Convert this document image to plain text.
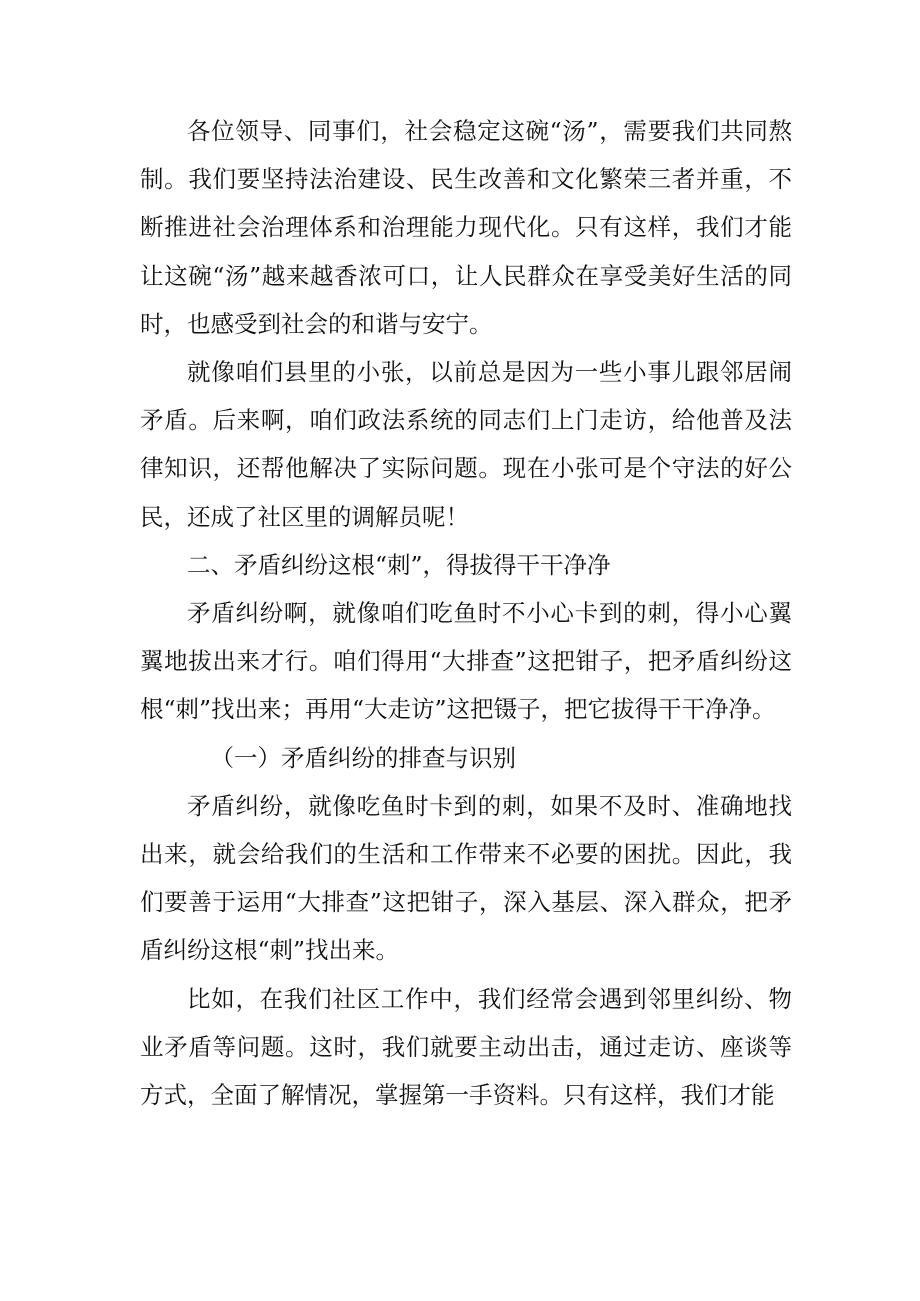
各位领导、同事们，社会稳定这碗“汤”，需要我们共同熬制。我们要坚持法治建设、民生改善和文化繁荣三者并重，不断推进社会治理体系和治理能力现代化。只有这样，我们才能让这碗“汤”越来越香浓可口，让人民群众在享受美好生活的同时，也感受到社会的和谐与安宁。

就像咱们县里的小张，以前总是因为一些小事儿跟邻居闹矛盾。后来啊，咱们政法系统的同志们上门走访，给他普及法律知识，还帮他解决了实际问题。现在小张可是个守法的好公民，还成了社区里的调解员呢！

二、矛盾纠纷这根“刺”，得拔得干干净净

矛盾纠纷啊，就像咱们吃鱼时不小心卡到的刺，得小心翼翼地拔出来才行。咱们得用“大排查”这把钳子，把矛盾纠纷这根“刺”找出来；再用“大走访”这把镊子，把它拔得干干净净。

（一）矛盾纠纷的排查与识别

矛盾纠纷，就像吃鱼时卡到的刺，如果不及时、准确地找出来，就会给我们的生活和工作带来不必要的困扰。因此，我们要善于运用“大排查”这把钳子，深入基层、深入群众，把矛盾纠纷这根“刺”找出来。

比如，在我们社区工作中，我们经常会遇到邻里纠纷、物业矛盾等问题。这时，我们就要主动出击，通过走访、座谈等方式，全面了解情况，掌握第一手资料。只有这样，我们才能
